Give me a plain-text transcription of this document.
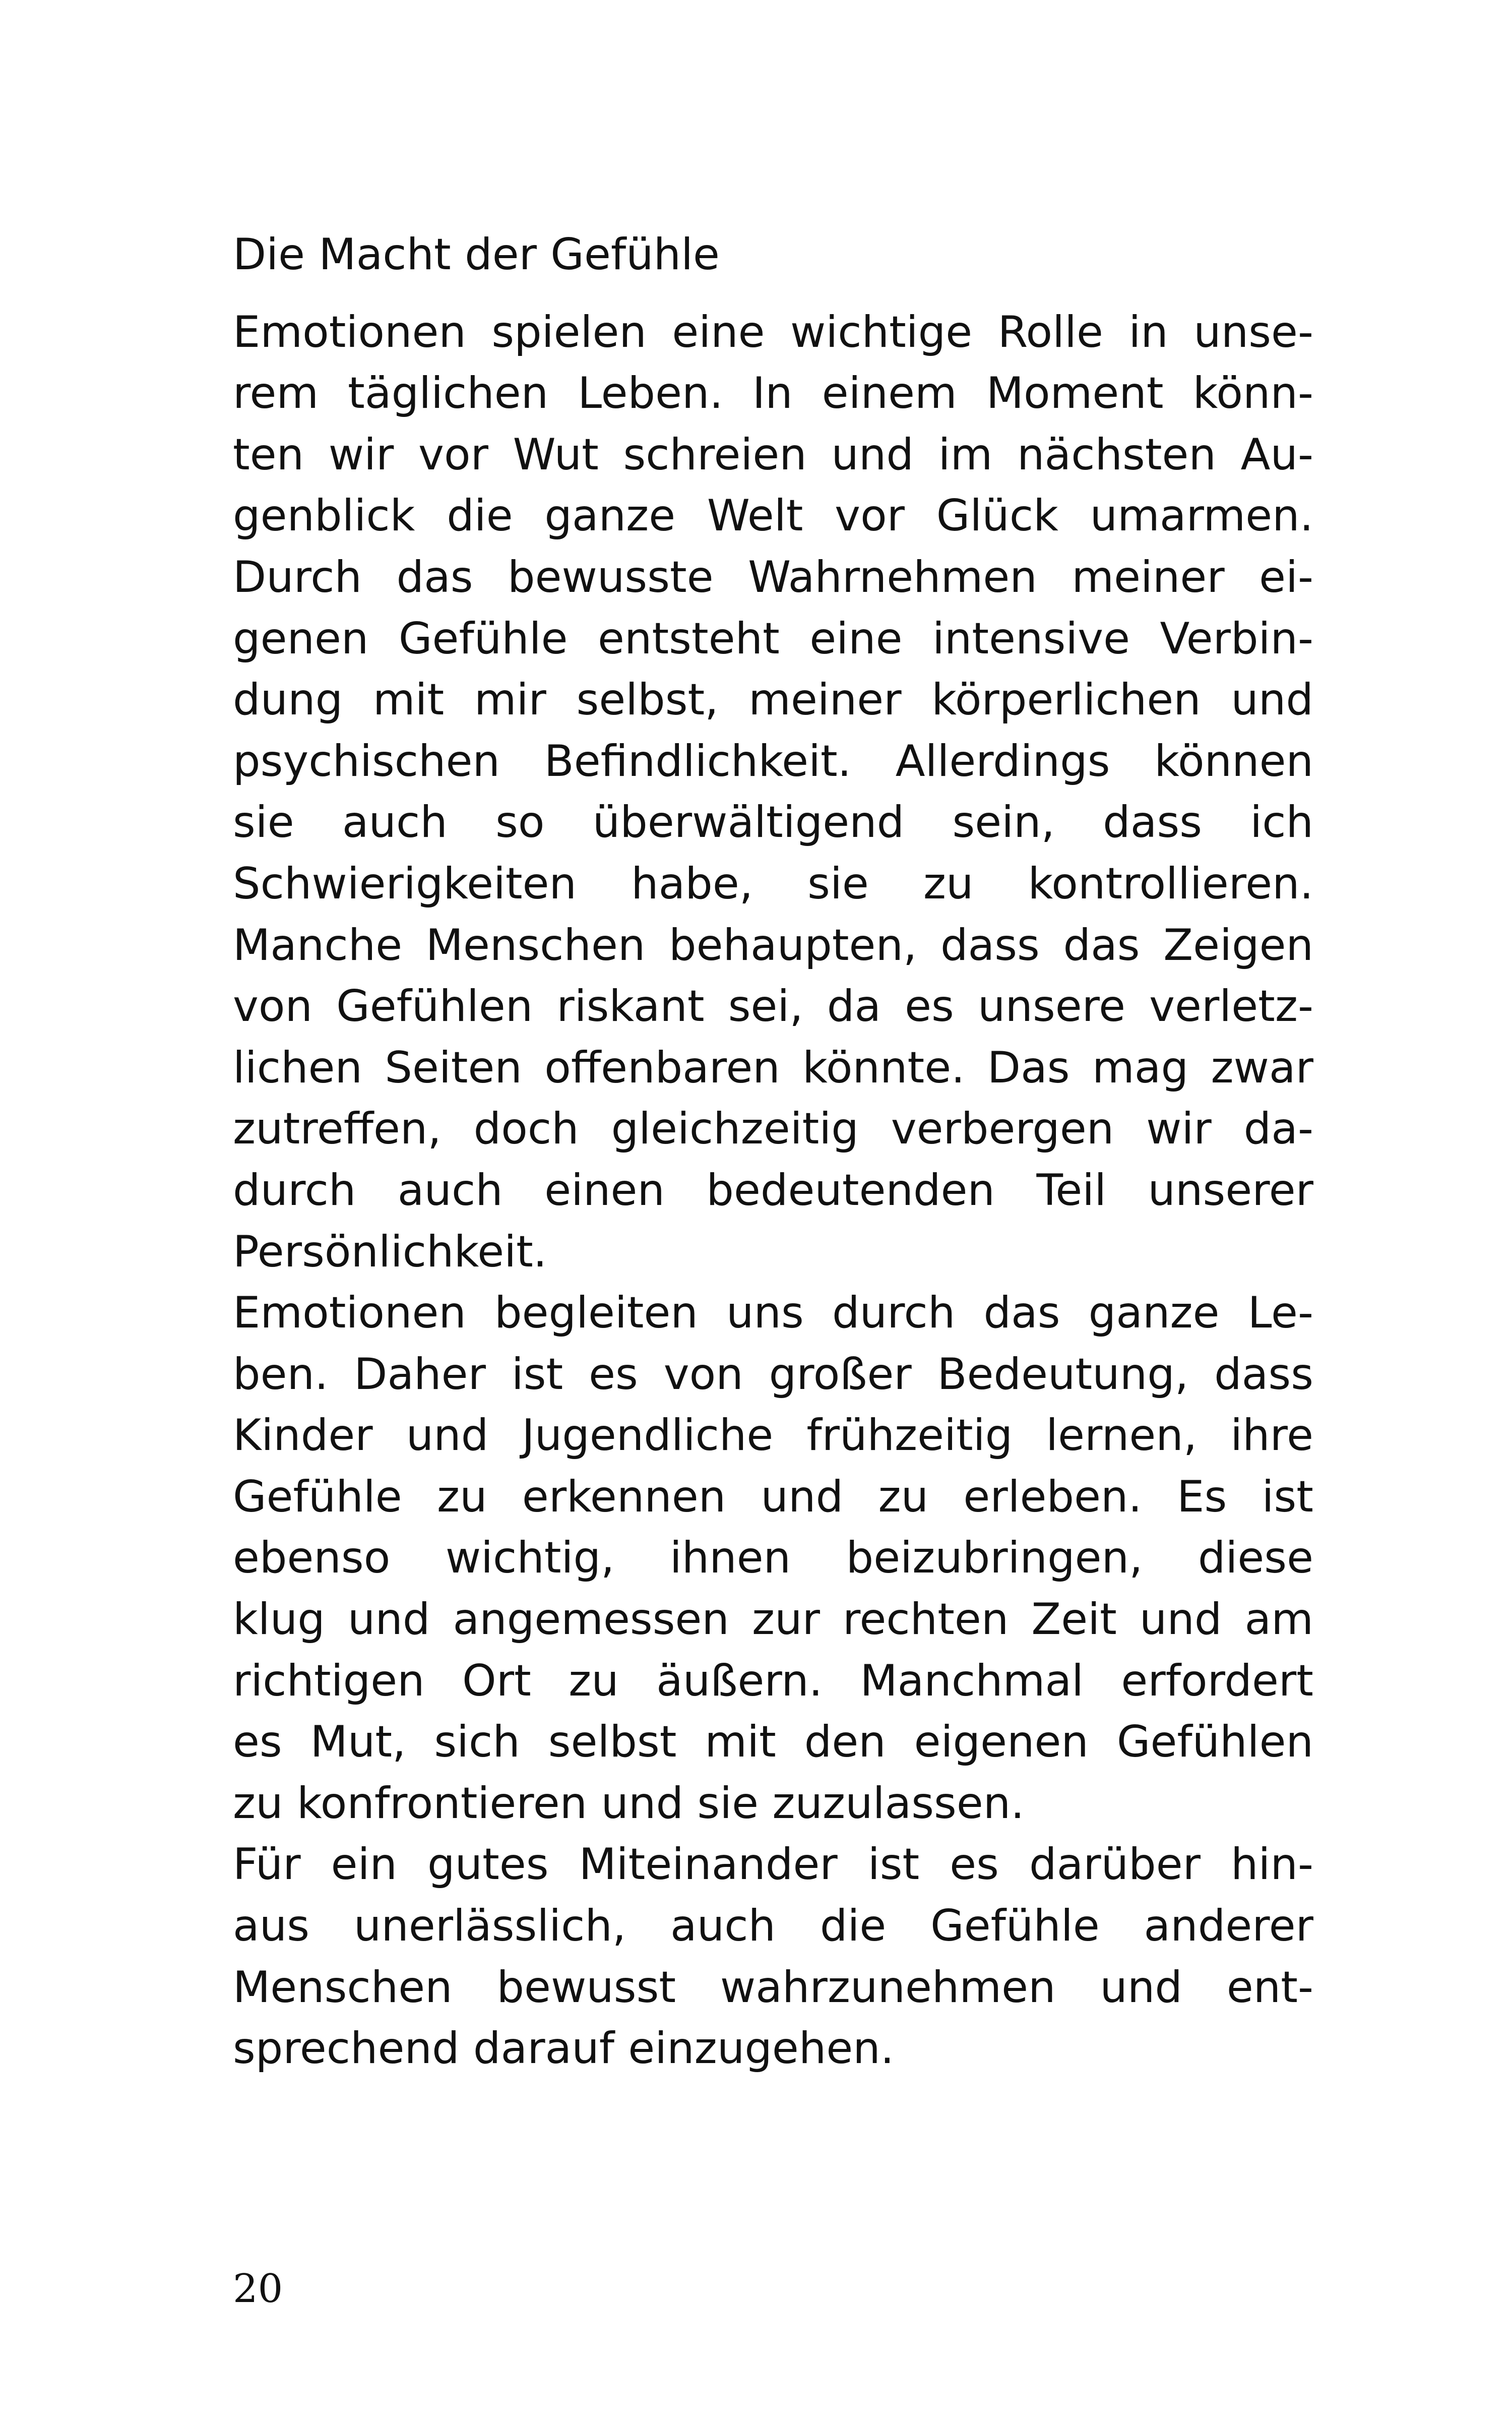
Die Macht der Gefühle
Emotionen spielen eine wichtige Rolle in unse-
rem täglichen Leben. In einem Moment könn-
ten wir vor Wut schreien und im nächsten Au-
genblick die ganze Welt vor Glück umarmen.
Durch das bewusste Wahrnehmen meiner ei-
genen Gefühle entsteht eine intensive Verbin-
dung mit mir selbst, meiner körperlichen und
psychischen Befindlichkeit. Allerdings können
sie auch so überwältigend sein, dass ich
Schwierigkeiten habe, sie zu kontrollieren.
Manche Menschen behaupten, dass das Zeigen
von Gefühlen riskant sei, da es unsere verletz-
lichen Seiten offenbaren könnte. Das mag zwar
zutreffen, doch gleichzeitig verbergen wir da-
durch auch einen bedeutenden Teil unserer
Persönlichkeit.
Emotionen begleiten uns durch das ganze Le-
ben. Daher ist es von großer Bedeutung, dass
Kinder und Jugendliche frühzeitig lernen, ihre
Gefühle zu erkennen und zu erleben. Es ist
ebenso wichtig, ihnen beizubringen, diese
klug und angemessen zur rechten Zeit und am
richtigen Ort zu äußern. Manchmal erfordert
es Mut, sich selbst mit den eigenen Gefühlen
zu konfrontieren und sie zuzulassen.
Für ein gutes Miteinander ist es darüber hin-
aus unerlässlich, auch die Gefühle anderer
Menschen bewusst wahrzunehmen und ent-
sprechend darauf einzugehen.
20
